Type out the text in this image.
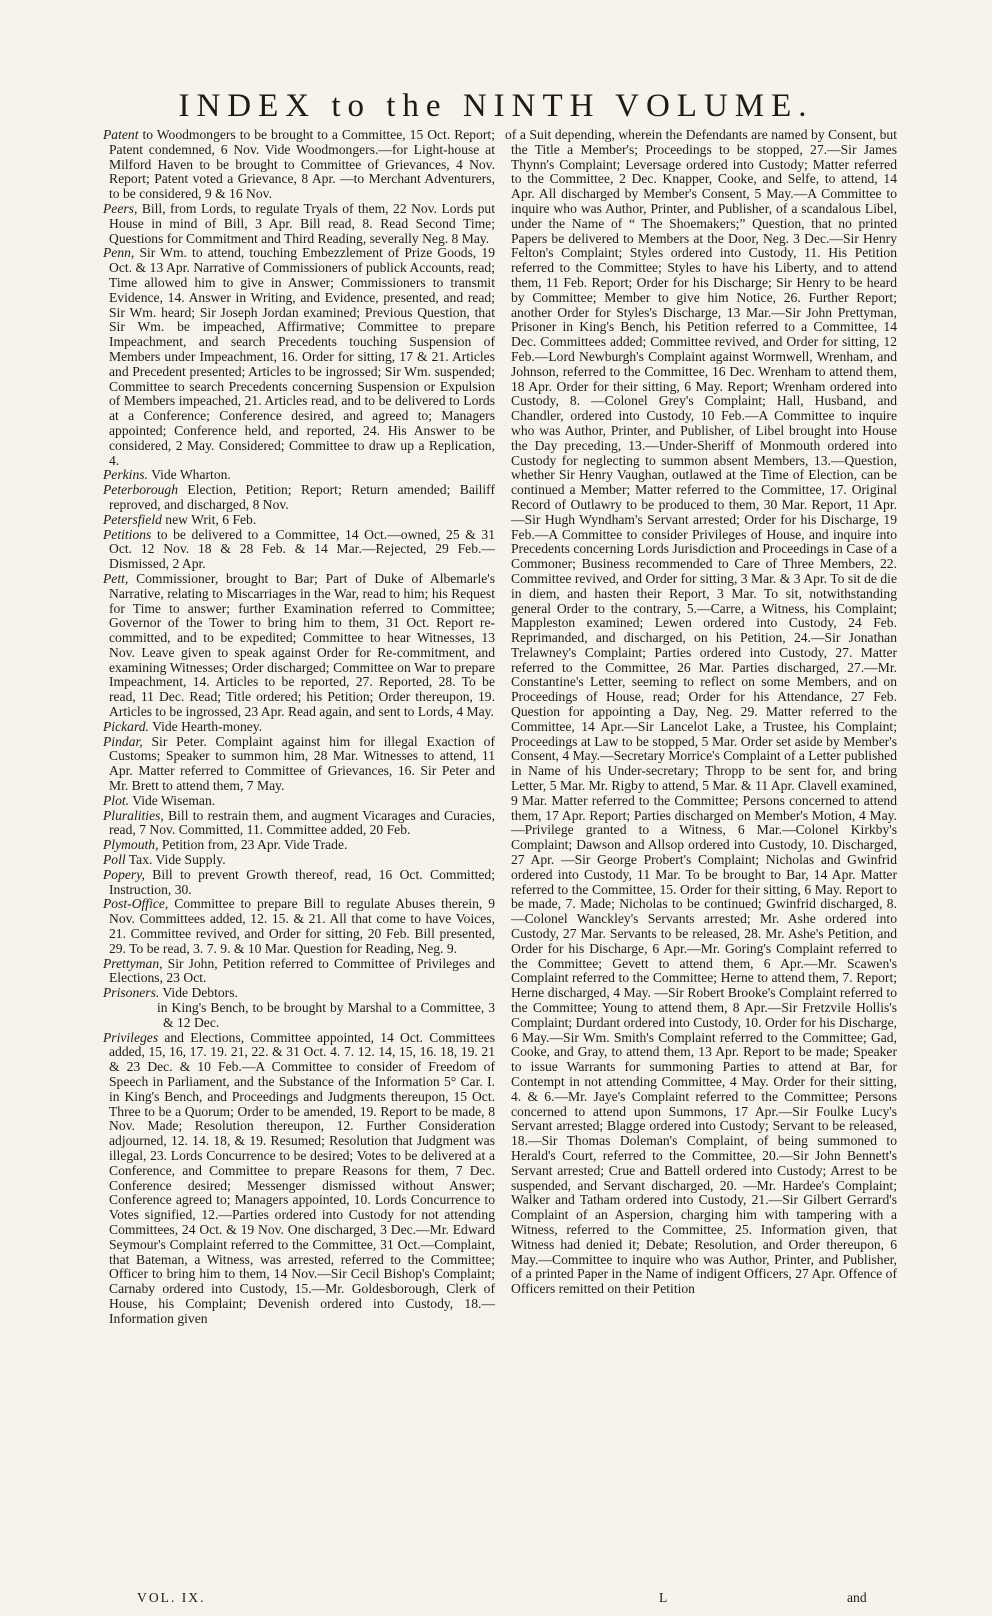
INDEX to the NINTH VOLUME.

Patent to Woodmongers to be brought to a Committee, 15 Oct. Report; Patent condemned, 6 Nov. Vide Woodmongers.—for Light-house at Milford Haven to be brought to Committee of Grievances, 4 Nov. Report; Patent voted a Grievance, 8 Apr. —to Merchant Adventurers, to be considered, 9 & 16 Nov.

Peers, Bill, from Lords, to regulate Tryals of them, 22 Nov. Lords put House in mind of Bill, 3 Apr. Bill read, 8. Read Second Time; Questions for Commitment and Third Reading, severally Neg. 8 May.

Penn, Sir Wm. to attend, touching Embezzlement of Prize Goods, 19 Oct. & 13 Apr. Narrative of Commissioners of publick Accounts, read; Time allowed him to give in Answer; Commissioners to transmit Evidence, 14. Answer in Writing, and Evidence, presented, and read; Sir Wm. heard; Sir Joseph Jordan examined; Previous Question, that Sir Wm. be impeached, Affirmative; Committee to prepare Impeachment, and search Precedents touching Suspension of Members under Impeachment, 16. Order for sitting, 17 & 21. Articles and Precedent presented; Articles to be ingrossed; Sir Wm. suspended; Committee to search Precedents concerning Suspension or Expulsion of Members impeached, 21. Articles read, and to be delivered to Lords at a Conference; Conference desired, and agreed to; Managers appointed; Conference held, and reported, 24. His Answer to be considered, 2 May. Considered; Committee to draw up a Replication, 4.

Perkins. Vide Wharton.

Peterborough Election, Petition; Report; Return amended; Bailiff reproved, and discharged, 8 Nov.

Petersfield new Writ, 6 Feb.

Petitions to be delivered to a Committee, 14 Oct.—owned, 25 & 31 Oct. 12 Nov. 18 & 28 Feb. & 14 Mar.—Rejected, 29 Feb.—Dismissed, 2 Apr.

Pett, Commissioner, brought to Bar; Part of Duke of Albemarle's Narrative, relating to Miscarriages in the War, read to him; his Request for Time to answer; further Examination referred to Committee; Governor of the Tower to bring him to them, 31 Oct. Report re-committed, and to be expedited; Committee to hear Witnesses, 13 Nov. Leave given to speak against Order for Re-commitment, and examining Witnesses; Order discharged; Committee on War to prepare Impeachment, 14. Articles to be reported, 27. Reported, 28. To be read, 11 Dec. Read; Title ordered; his Petition; Order thereupon, 19. Articles to be ingrossed, 23 Apr. Read again, and sent to Lords, 4 May.

Pickard. Vide Hearth-money.

Pindar, Sir Peter. Complaint against him for illegal Exaction of Customs; Speaker to summon him, 28 Mar. Witnesses to attend, 11 Apr. Matter referred to Committee of Grievances, 16. Sir Peter and Mr. Brett to attend them, 7 May.

Plot. Vide Wiseman.

Pluralities, Bill to restrain them, and augment Vicarages and Curacies, read, 7 Nov. Committed, 11. Committee added, 20 Feb.

Plymouth, Petition from, 23 Apr. Vide Trade.

Poll Tax. Vide Supply.

Popery, Bill to prevent Growth thereof, read, 16 Oct. Committed; Instruction, 30.

Post-Office, Committee to prepare Bill to regulate Abuses therein, 9 Nov. Committees added, 12. 15. & 21. All that come to have Voices, 21. Committee revived, and Order for sitting, 20 Feb. Bill presented, 29. To be read, 3. 7. 9. & 10 Mar. Question for Reading, Neg. 9.

Prettyman, Sir John, Petition referred to Committee of Privileges and Elections, 23 Oct.

Prisoners. Vide Debtors.

in King's Bench, to be brought by Marshal to a Committee, 3 & 12 Dec.

Privileges and Elections, Committee appointed, 14 Oct. Committees added, 15, 16, 17. 19. 21, 22. & 31 Oct. 4. 7. 12. 14, 15, 16. 18, 19. 21 & 23 Dec. & 10 Feb.—A Committee to consider of Freedom of Speech in Parliament, and the Substance of the Information 5° Car. I. in King's Bench, and Proceedings and Judgments thereupon, 15 Oct. Three to be a Quorum; Order to be amended, 19. Report to be made, 8 Nov. Made; Resolution thereupon, 12. Further Consideration adjourned, 12. 14. 18, & 19. Resumed; Resolution that Judgment was illegal, 23. Lords Concurrence to be desired; Votes to be delivered at a Conference, and Committee to prepare Reasons for them, 7 Dec. Conference desired; Messenger dismissed without Answer; Conference agreed to; Managers appointed, 10. Lords Concurrence to Votes signified, 12.—Parties ordered into Custody for not attending Committees, 24 Oct. & 19 Nov. One discharged, 3 Dec.—Mr. Edward Seymour's Complaint referred to the Committee, 31 Oct.—Complaint, that Bateman, a Witness, was arrested, referred to the Committee; Officer to bring him to them, 14 Nov.—Sir Cecil Bishop's Complaint; Carnaby ordered into Custody, 15.—Mr. Goldesborough, Clerk of House, his Complaint; Devenish ordered into Custody, 18.—Information given

of a Suit depending, wherein the Defendants are named by Consent, but the Title a Member's; Proceedings to be stopped, 27.—Sir James Thynn's Complaint; Leversage ordered into Custody; Matter referred to the Committee, 2 Dec. Knapper, Cooke, and Selfe, to attend, 14 Apr. All discharged by Member's Consent, 5 May.—A Committee to inquire who was Author, Printer, and Publisher, of a scandalous Libel, under the Name of “ The Shoemakers;” Question, that no printed Papers be delivered to Members at the Door, Neg. 3 Dec.—Sir Henry Felton's Complaint; Styles ordered into Custody, 11. His Petition referred to the Committee; Styles to have his Liberty, and to attend them, 11 Feb. Report; Order for his Discharge; Sir Henry to be heard by Committee; Member to give him Notice, 26. Further Report; another Order for Styles's Discharge, 13 Mar.—Sir John Prettyman, Prisoner in King's Bench, his Petition referred to a Committee, 14 Dec. Committees added; Committee revived, and Order for sitting, 12 Feb.—Lord Newburgh's Complaint against Wormwell, Wrenham, and Johnson, referred to the Committee, 16 Dec. Wrenham to attend them, 18 Apr. Order for their sitting, 6 May. Report; Wrenham ordered into Custody, 8. —Colonel Grey's Complaint; Hall, Husband, and Chandler, ordered into Custody, 10 Feb.—A Committee to inquire who was Author, Printer, and Publisher, of Libel brought into House the Day preceding, 13.—Under-Sheriff of Monmouth ordered into Custody for neglecting to summon absent Members, 13.—Question, whether Sir Henry Vaughan, outlawed at the Time of Election, can be continued a Member; Matter referred to the Committee, 17. Original Record of Outlawry to be produced to them, 30 Mar. Report, 11 Apr. —Sir Hugh Wyndham's Servant arrested; Order for his Discharge, 19 Feb.—A Committee to consider Privileges of House, and inquire into Precedents concerning Lords Jurisdiction and Proceedings in Case of a Commoner; Business recommended to Care of Three Members, 22. Committee revived, and Order for sitting, 3 Mar. & 3 Apr. To sit de die in diem, and hasten their Report, 3 Mar. To sit, notwithstanding general Order to the contrary, 5.—Carre, a Witness, his Complaint; Mappleston examined; Lewen ordered into Custody, 24 Feb. Reprimanded, and discharged, on his Petition, 24.—Sir Jonathan Trelawney's Complaint; Parties ordered into Custody, 27. Matter referred to the Committee, 26 Mar. Parties discharged, 27.—Mr. Constantine's Letter, seeming to reflect on some Members, and on Proceedings of House, read; Order for his Attendance, 27 Feb. Question for appointing a Day, Neg. 29. Matter referred to the Committee, 14 Apr.—Sir Lancelot Lake, a Trustee, his Complaint; Proceedings at Law to be stopped, 5 Mar. Order set aside by Member's Consent, 4 May.—Secretary Morrice's Complaint of a Letter published in Name of his Under-secretary; Thropp to be sent for, and bring Letter, 5 Mar. Mr. Rigby to attend, 5 Mar. & 11 Apr. Clavell examined, 9 Mar. Matter referred to the Committee; Persons concerned to attend them, 17 Apr. Report; Parties discharged on Member's Motion, 4 May.—Privilege granted to a Witness, 6 Mar.—Colonel Kirkby's Complaint; Dawson and Allsop ordered into Custody, 10. Discharged, 27 Apr. —Sir George Probert's Complaint; Nicholas and Gwinfrid ordered into Custody, 11 Mar. To be brought to Bar, 14 Apr. Matter referred to the Committee, 15. Order for their sitting, 6 May. Report to be made, 7. Made; Nicholas to be continued; Gwinfrid discharged, 8.—Colonel Wanckley's Servants arrested; Mr. Ashe ordered into Custody, 27 Mar. Servants to be released, 28. Mr. Ashe's Petition, and Order for his Discharge, 6 Apr.—Mr. Goring's Complaint referred to the Committee; Gevett to attend them, 6 Apr.—Mr. Scawen's Complaint referred to the Committee; Herne to attend them, 7. Report; Herne discharged, 4 May. —Sir Robert Brooke's Complaint referred to the Committee; Young to attend them, 8 Apr.—Sir Fretzvile Hollis's Complaint; Durdant ordered into Custody, 10. Order for his Discharge, 6 May.—Sir Wm. Smith's Complaint referred to the Committee; Gad, Cooke, and Gray, to attend them, 13 Apr. Report to be made; Speaker to issue Warrants for summoning Parties to attend at Bar, for Contempt in not attending Committee, 4 May. Order for their sitting, 4. & 6.—Mr. Jaye's Complaint referred to the Committee; Persons concerned to attend upon Summons, 17 Apr.—Sir Foulke Lucy's Servant arrested; Blagge ordered into Custody; Servant to be released, 18.—Sir Thomas Doleman's Complaint, of being summoned to Herald's Court, referred to the Committee, 20.—Sir John Bennett's Servant arrested; Crue and Battell ordered into Custody; Arrest to be suspended, and Servant discharged, 20. —Mr. Hardee's Complaint; Walker and Tatham ordered into Custody, 21.—Sir Gilbert Gerrard's Complaint of an Aspersion, charging him with tampering with a Witness, referred to the Committee, 25. Information given, that Witness had denied it; Debate; Resolution, and Order thereupon, 6 May.—Committee to inquire who was Author, Printer, and Publisher, of a printed Paper in the Name of indigent Officers, 27 Apr. Offence of Officers remitted on their Petition

VOL. IX.	L	and
